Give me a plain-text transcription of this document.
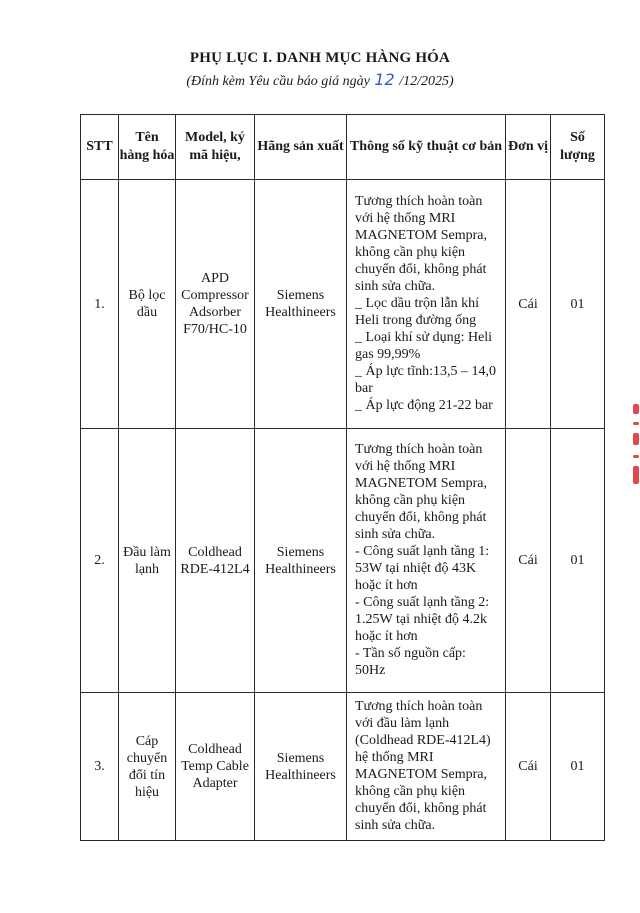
PHỤ LỤC I. DANH MỤC HÀNG HÓA
(Đính kèm Yêu cầu báo giá ngày 12 /12/2025)
STT	Tên hàng hóa	Model, ký mã hiệu,	Hãng sản xuất	Thông số kỹ thuật cơ bản	Đơn vị	Số lượng
1.	Bộ lọc dầu	APD Compressor Adsorber F70/HC-10	Siemens Healthineers	Tương thích hoàn toàn với hệ thống MRI MAGNETOM Sempra, không cần phụ kiện chuyển đổi, không phát sinh sửa chữa.
_ Lọc dầu trộn lẫn khí Heli trong đường ống
_ Loại khí sử dụng: Heli gas 99,99%
_ Áp lực tĩnh:13,5 – 14,0 bar
_ Áp lực động 21-22 bar	Cái	01
2.	Đầu làm lạnh	Coldhead RDE-412L4	Siemens Healthineers	Tương thích hoàn toàn với hệ thống MRI MAGNETOM Sempra, không cần phụ kiện chuyển đổi, không phát sinh sửa chữa.
- Công suất lạnh tầng 1: 53W tại nhiệt độ 43K hoặc ít hơn
- Công suất lạnh tầng 2: 1.25W tại nhiệt độ 4.2k hoặc ít hơn
- Tần số nguồn cấp: 50Hz	Cái	01
3.	Cáp chuyển đổi tín hiệu	Coldhead Temp Cable Adapter	Siemens Healthineers	Tương thích hoàn toàn với đầu làm lạnh (Coldhead RDE-412L4) hệ thống MRI MAGNETOM Sempra, không cần phụ kiện chuyển đổi, không phát sinh sửa chữa.	Cái	01
